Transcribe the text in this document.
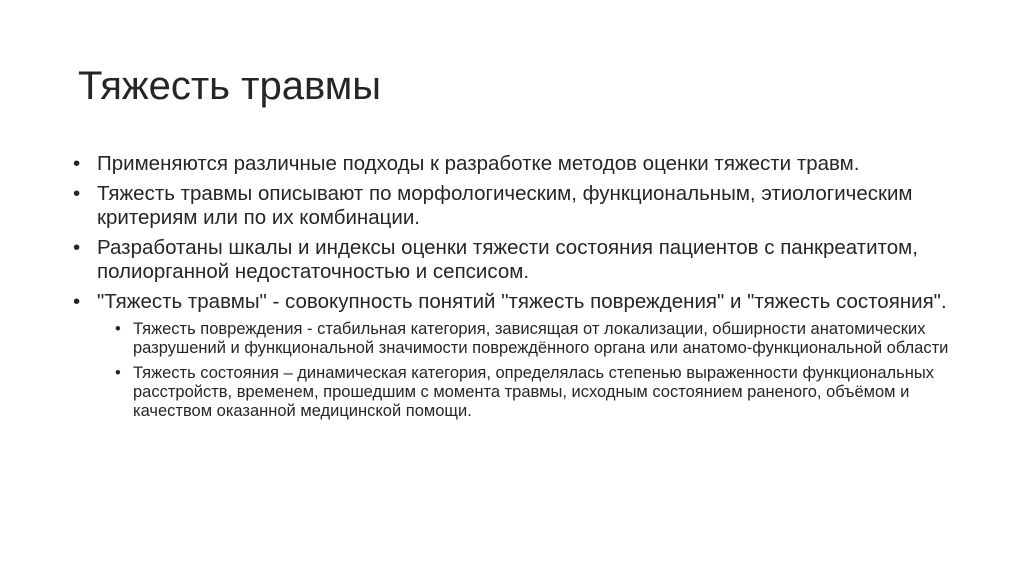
Тяжесть травмы
• Применяются различные подходы к разработке методов оценки тяжести травм.
• Тяжесть травмы описывают по морфологическим, функциональным, этиологическим критериям или по их комбинации.
• Разработаны шкалы и индексы оценки тяжести состояния пациентов с панкреатитом, полиорганной недостаточностью и сепсисом.
• "Тяжесть травмы" - совокупность понятий "тяжесть повреждения" и "тяжесть состояния".
• Тяжесть повреждения - стабильная категория, зависящая от локализации, обширности анатомических разрушений и функциональной значимости повреждённого органа или анатомо-функциональной области
• Тяжесть состояния – динамическая категория, определялась степенью выраженности функциональных расстройств, временем, прошедшим с момента травмы, исходным состоянием раненого, объёмом и качеством оказанной медицинской помощи.
